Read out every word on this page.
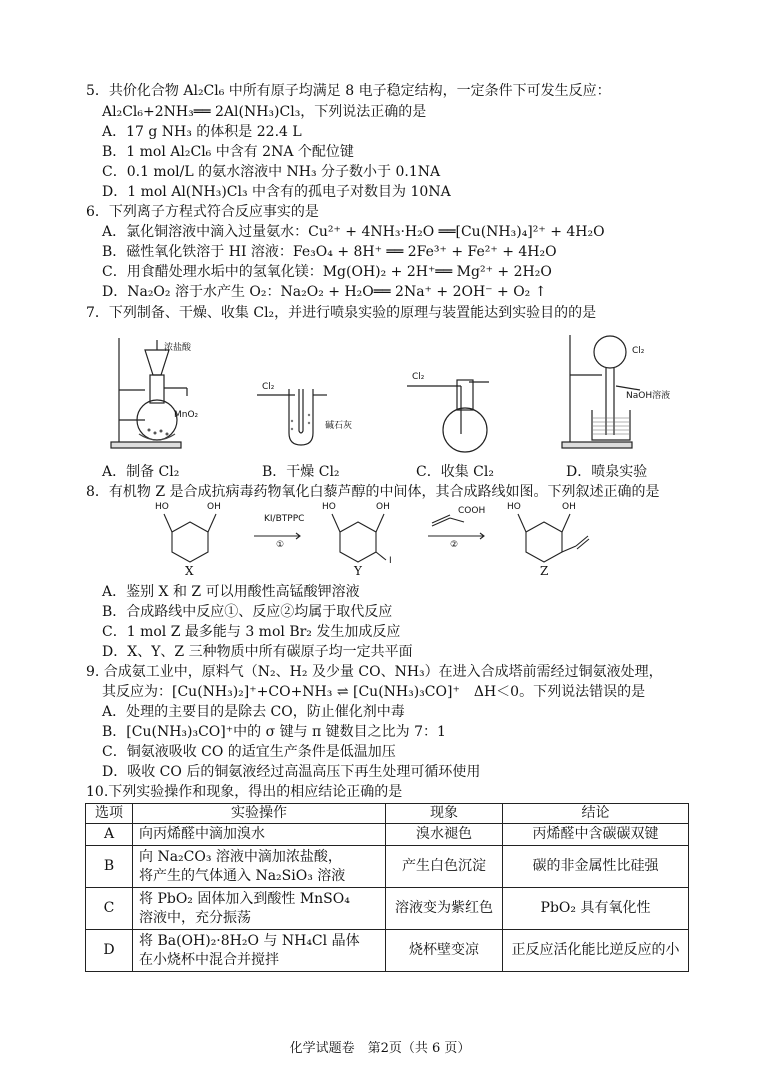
5．共价化合物 Al₂Cl₆ 中所有原子均满足 8 电子稳定结构，一定条件下可发生反应：
Al₂Cl₆+2NH₃══ 2Al(NH₃)Cl₃，下列说法正确的是
A．17 g NH₃ 的体积是 22.4 L
B．1 mol Al₂Cl₆ 中含有 2NA 个配位键
C．0.1 mol/L 的氨水溶液中 NH₃ 分子数小于 0.1NA
D．1 mol Al(NH₃)Cl₃ 中含有的孤电子对数目为 10NA
6．下列离子方程式符合反应事实的是
A．氯化铜溶液中滴入过量氨水：Cu²⁺ + 4NH₃·H₂O ══[Cu(NH₃)₄]²⁺ + 4H₂O
B．磁性氧化铁溶于 HI 溶液：Fe₃O₄ + 8H⁺ ══ 2Fe³⁺ + Fe²⁺ + 4H₂O
C．用食醋处理水垢中的氢氧化镁：Mg(OH)₂ + 2H⁺══ Mg²⁺ + 2H₂O
D．Na₂O₂ 溶于水产生 O₂：Na₂O₂ + H₂O══ 2Na⁺ + 2OH⁻ + O₂ ↑
7．下列制备、干燥、收集 Cl₂，并进行喷泉实验的原理与装置能达到实验目的的是
浓盐酸
MnO₂
Cl₂
碱石灰
Cl₂
Cl₂
NaOH溶液
A．制备 Cl₂	B．干燥 Cl₂	C．收集 Cl₂	D．喷泉实验
8．有机物 Z 是合成抗病毒药物氧化白藜芦醇的中间体，其合成路线如图。下列叙述正确的是
HO	OH
KI/BTPPC
①
HO	OH
I
COOH
②
HO	OH
X	Y	Z
A．鉴别 X 和 Z 可以用酸性高锰酸钾溶液
B．合成路线中反应①、反应②均属于取代反应
C．1 mol Z 最多能与 3 mol Br₂ 发生加成反应
D．X、Y、Z 三种物质中所有碳原子均一定共平面
9. 合成氨工业中，原料气（N₂、H₂ 及少量 CO、NH₃）在进入合成塔前需经过铜氨液处理，
其反应为：[Cu(NH₃)₂]⁺+CO+NH₃ ⇌ [Cu(NH₃)₃CO]⁺　ΔH＜0。下列说法错误的是
A．处理的主要目的是除去 CO，防止催化剂中毒
B．[Cu(NH₃)₃CO]⁺中的 σ 键与 π 键数目之比为 7：1
C．铜氨液吸收 CO 的适宜生产条件是低温加压
D．吸收 CO 后的铜氨液经过高温高压下再生处理可循环使用
10.下列实验操作和现象，得出的相应结论正确的是
选项	实验操作	现象	结论
A	向丙烯醛中滴加溴水	溴水褪色	丙烯醛中含碳碳双键
B	向 Na₂CO₃ 溶液中滴加浓盐酸，
将产生的气体通入 Na₂SiO₃ 溶液	产生白色沉淀	碳的非金属性比硅强
C	将 PbO₂ 固体加入到酸性 MnSO₄
溶液中，充分振荡	溶液变为紫红色	PbO₂ 具有氧化性
D	将 Ba(OH)₂·8H₂O 与 NH₄Cl 晶体
在小烧杯中混合并搅拌	烧杯壁变凉	正反应活化能比逆反应的小
化学试题卷　第2页（共 6 页）
